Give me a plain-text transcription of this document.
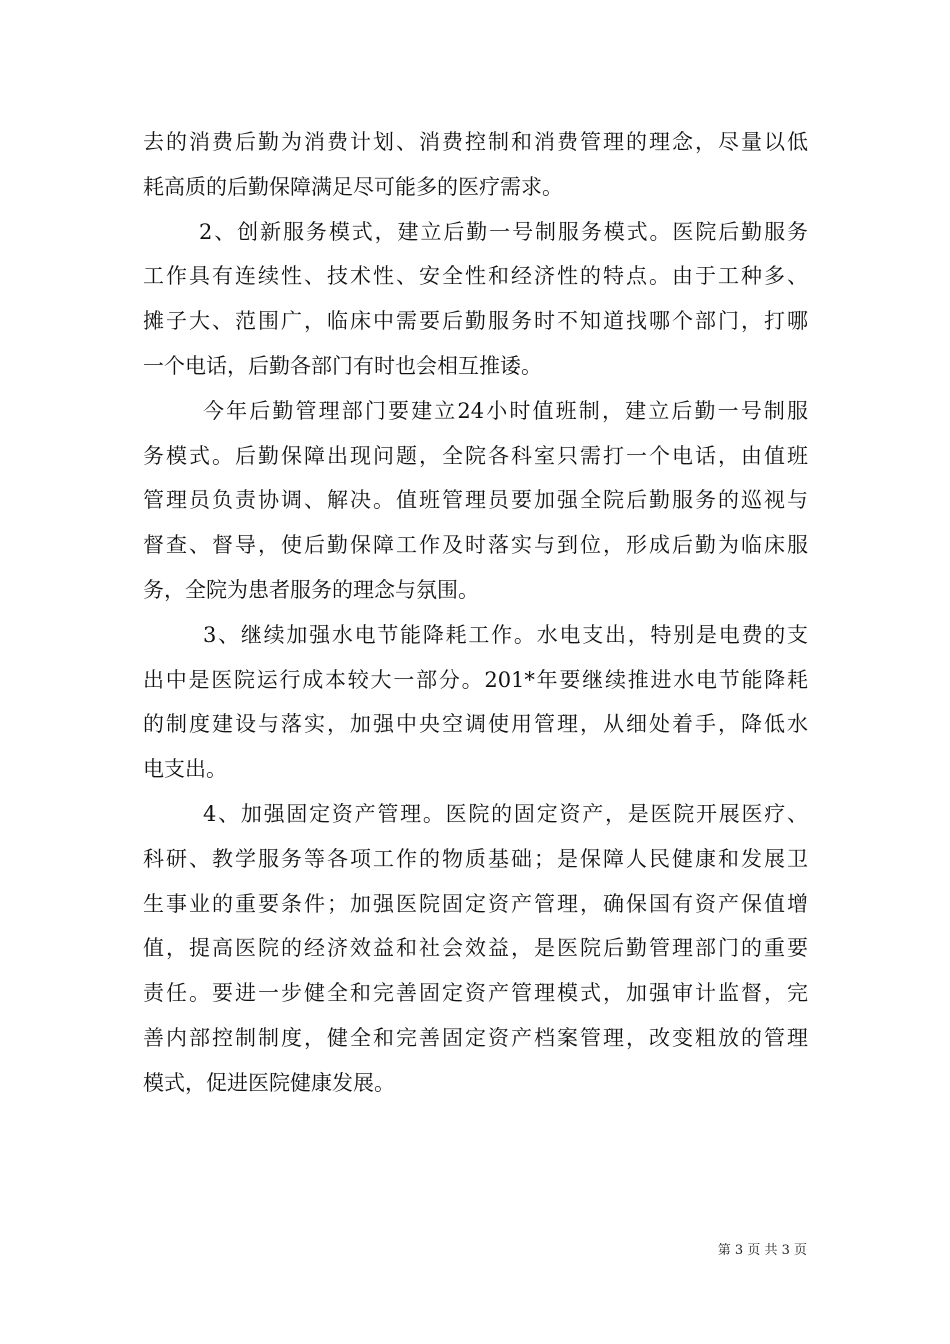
去的消费后勤为消费计划、消费控制和消费管理的理念，尽量以低
耗高质的后勤保障满足尽可能多的医疗需求。
2、创新服务模式，建立后勤一号制服务模式。医院后勤服务
工作具有连续性、技术性、安全性和经济性的特点。由于工种多、
摊子大、范围广，临床中需要后勤服务时不知道找哪个部门，打哪
一个电话，后勤各部门有时也会相互推诿。
今年后勤管理部门要建立24小时值班制，建立后勤一号制服
务模式。后勤保障出现问题，全院各科室只需打一个电话，由值班
管理员负责协调、解决。值班管理员要加强全院后勤服务的巡视与
督查、督导，使后勤保障工作及时落实与到位，形成后勤为临床服
务，全院为患者服务的理念与氛围。
3、继续加强水电节能降耗工作。水电支出，特别是电费的支
出中是医院运行成本较大一部分。201*年要继续推进水电节能降耗
的制度建设与落实，加强中央空调使用管理，从细处着手，降低水
电支出。
4、加强固定资产管理。医院的固定资产，是医院开展医疗、
科研、教学服务等各项工作的物质基础；是保障人民健康和发展卫
生事业的重要条件；加强医院固定资产管理，确保国有资产保值增
值，提高医院的经济效益和社会效益，是医院后勤管理部门的重要
责任。要进一步健全和完善固定资产管理模式，加强审计监督，完
善内部控制制度，健全和完善固定资产档案管理，改变粗放的管理
模式，促进医院健康发展。
第 3 页 共 3 页
